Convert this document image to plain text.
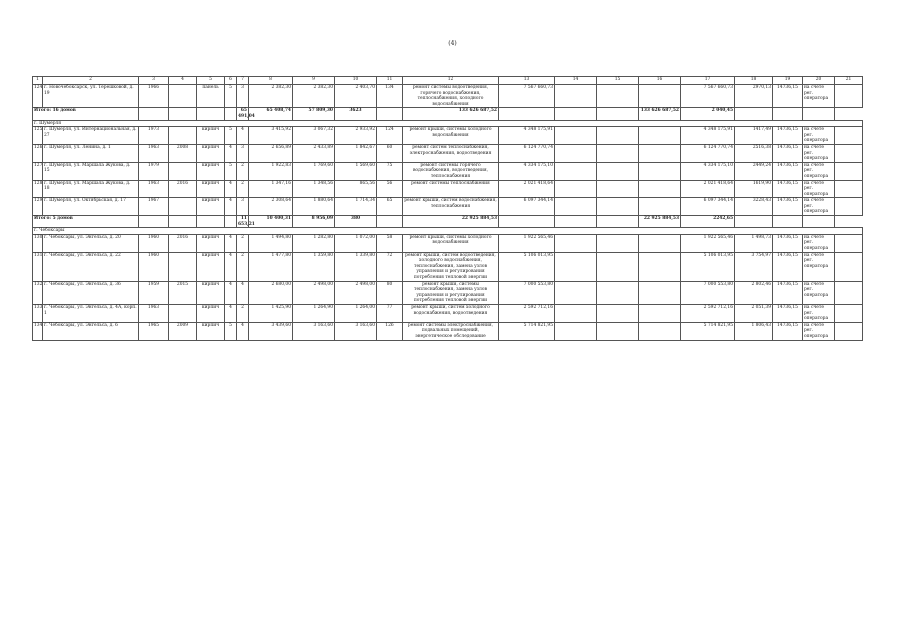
(4)
1	2	3	4	5	6	7	8	9	10	11	12	13	14	15	16	17	18	19	20	21
124	г. Новочебоксарск, ул. Терешковой, д. 19	1966		панель	5	3	2 382,30	2 382,30	2 403,70	134	ремонт системы водоотведения, горячего водоснабжения, теплоснабжения, холодного водоснабжения	7 567 660,73				7 567 660,73	2970,13	14736,15	на счете рег. оператора	
Итого: 16 домов						65 491,04	65 408,74	57 809,30	3623		133 626 687,52				133 626 687,52	2 040,45				
г. Шумерля																				
125	г. Шумерля, ул. Интернациональная, д. 27	1973		кирпич	5	4	3 415,92	3 067,32	2 933,92	124	ремонт крыши, системы холодного водоснабжения	4 348 175,91				4 348 175,91	1417,49	14736,15	на счете рег. оператора	
126	г. Шумерля, ул. Ленина, д. 1	1963	2008	кирпич	4	3	2 656,89	2 433,89	1 842,67	60	ремонт систем теплоснабжения, электроснабжения, водоотведения	6 124 770,74				6 124 770,74	2516,38	14736,15	на счете рег. оператора	
127	г. Шумерля, ул. Маршала Жукова, д. 15	1979		кирпич	5	2	1 922,83	1 769,60	1 569,60	75	ремонт системы горячего водоснабжения, водоотведения, теплоснабжения	4 334 175,10				4 334 175,10	2449,24	14736,15	на счете рег. оператора	
128	г. Шумерля, ул. Маршала Жукова, д. 18	1963	2016	кирпич	4	2	1 347,16	1 348,56	865,56	56	ремонт системы теплоснабжения	2 021 418,64				2 021 418,64	1619,90	14736,15	на счете рег. оператора	
129	г. Шумерля, ул. Октябрьская, д. 17	1967		кирпич	4	3	2 308,64	1 880,64	1 714,34	65	ремонт крыши, систем водоснабжения, теплоснабжения	6 097 344,14				6 097 344,14	3228,43	14736,15	на счете рег. оператора	
Итого: 5 домов						11 653,21	10 400,31	8 956,09	380		22 925 884,53				22 925 884,53	2242,65				
г. Чебоксары																				
130	г. Чебоксары, ул. Энгельса, д. 20	1960	2016	кирпич	4	2	1 494,80	1 282,80	1 072,00	58	ремонт крыши, системы холодного водоснабжения	1 922 565,46				1 922 565,46	1 498,73	14736,15	на счете рег. оператора	
131	г. Чебоксары, ул. Энгельса, д. 22	1960		кирпич	4	2	1 477,80	1 359,80	1 339,80	72	ремонт крыши, систем водоотведения, холодного водоснабжения, теплоснабжения, замена узлов управления и регулирования потребления тепловой энергии	5 106 013,95				5 106 013,95	3 754,97	14736,15	на счете рег. оператора	
132	г. Чебоксары, ул. Энгельса, д. 36	1959	2015	кирпич	4	4	2 680,00	2 498,00	2 498,00	80	ремонт крыши, системы теплоснабжения, замена узлов управления и регулирования потребления тепловой энергии	7 000 553,80				7 000 553,80	2 802,46	14736,15	на счете рег. оператора	
133	г. Чебоксары, ул. Энгельса, д. 4А, корп. 1	1963		кирпич	4	2	1 425,90	1 264,90	1 264,00	77	ремонт крыши, систем холодного водоснабжения, водоотведения	2 592 712,16				2 592 712,16	2 051,39	14736,15	на счете рег. оператора	
134	г. Чебоксары, ул. Энгельса, д. 6	1965	2009	кирпич	5	4	3 439,60	3 163,60	3 163,60	126	ремонт системы электроснабжения, подвальных помещений, энергетическое обследование	5 714 821,95				5 714 821,95	1 806,43	14736,15	на счете рег. оператора	
